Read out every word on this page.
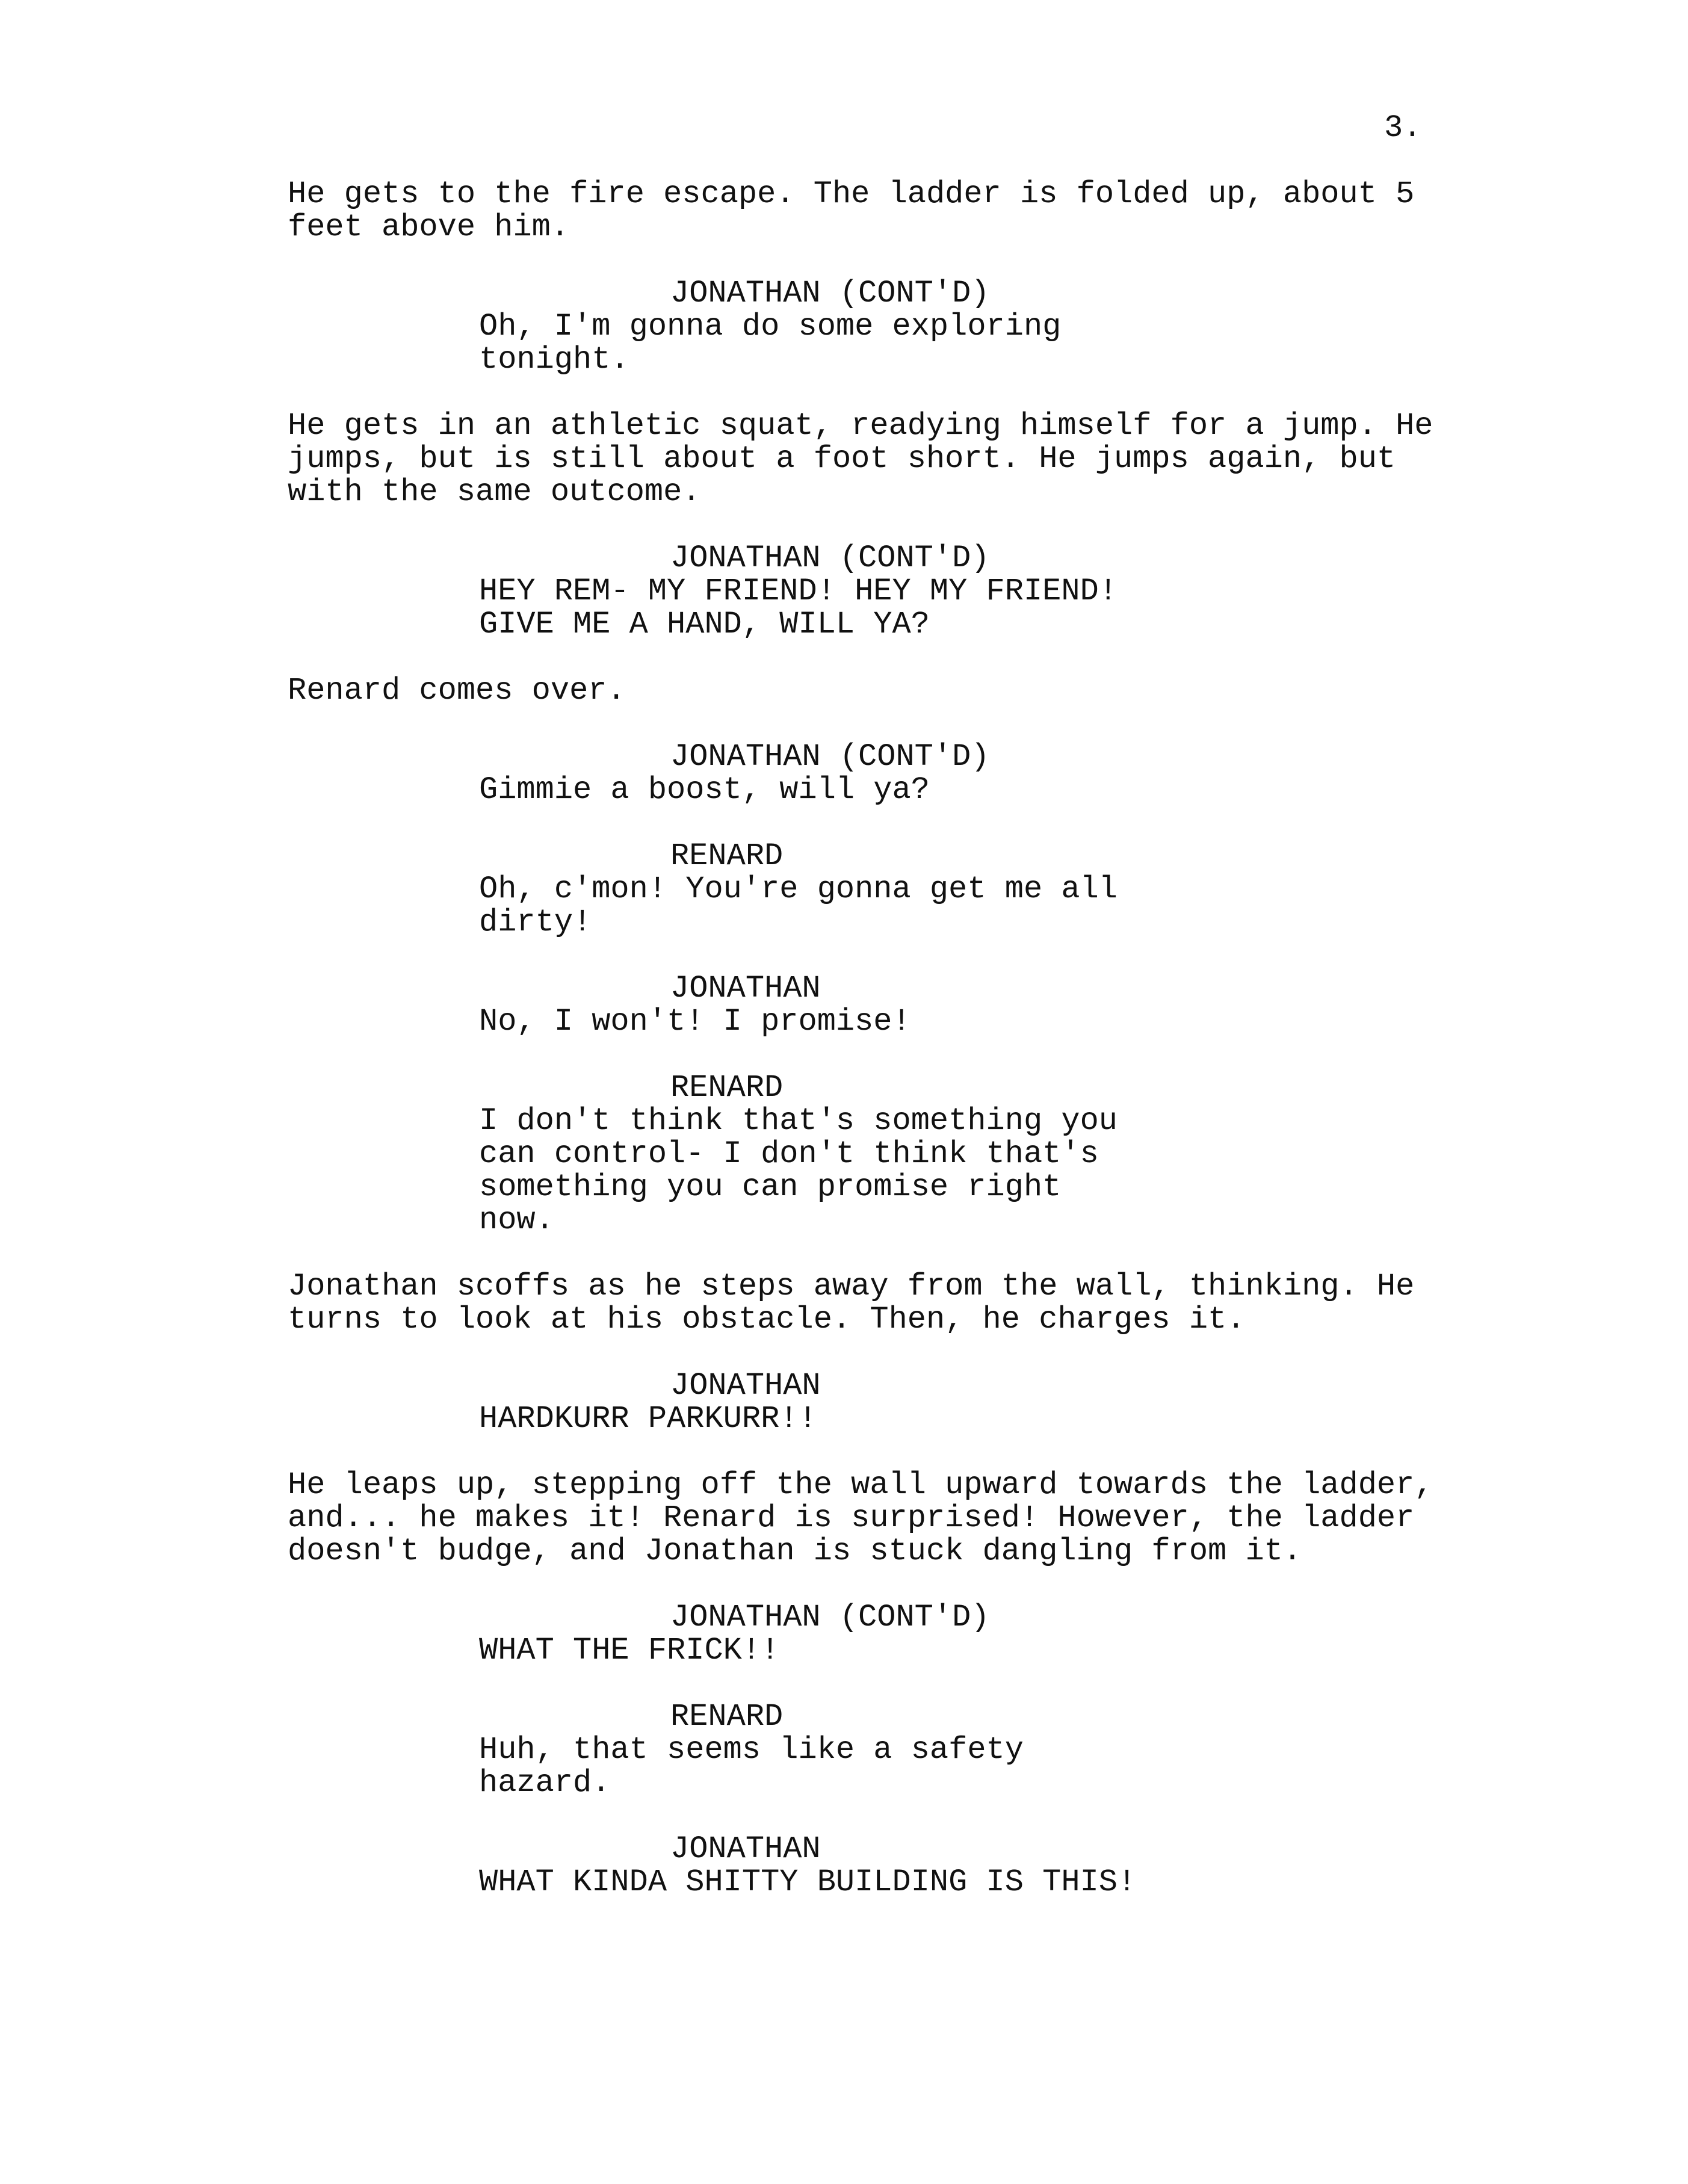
3.

He gets to the fire escape. The ladder is folded up, about 5
feet above him.

JONATHAN (CONT'D)

Oh, I'm gonna do some exploring
tonight.

He gets in an athletic squat, readying himself for a jump. He
jumps, but is still about a foot short. He jumps again, but
with the same outcome.

JONATHAN (CONT'D)

HEY REM- MY FRIEND! HEY MY FRIEND!
GIVE ME A HAND, WILL YA?

Renard comes over.

JONATHAN (CONT'D)

Gimmie a boost, will ya?

RENARD

Oh, c'mon! You're gonna get me all
dirty!

JONATHAN

No, I won't! I promise!

RENARD

I don't think that's something you
can control- I don't think that's
something you can promise right
now.

Jonathan scoffs as he steps away from the wall, thinking. He
turns to look at his obstacle. Then, he charges it.

JONATHAN

HARDKURR PARKURR!!

He leaps up, stepping off the wall upward towards the ladder,
and... he makes it! Renard is surprised! However, the ladder
doesn't budge, and Jonathan is stuck dangling from it.

JONATHAN (CONT'D)

WHAT THE FRICK!!

RENARD

Huh, that seems like a safety
hazard.

JONATHAN

WHAT KINDA SHITTY BUILDING IS THIS!
